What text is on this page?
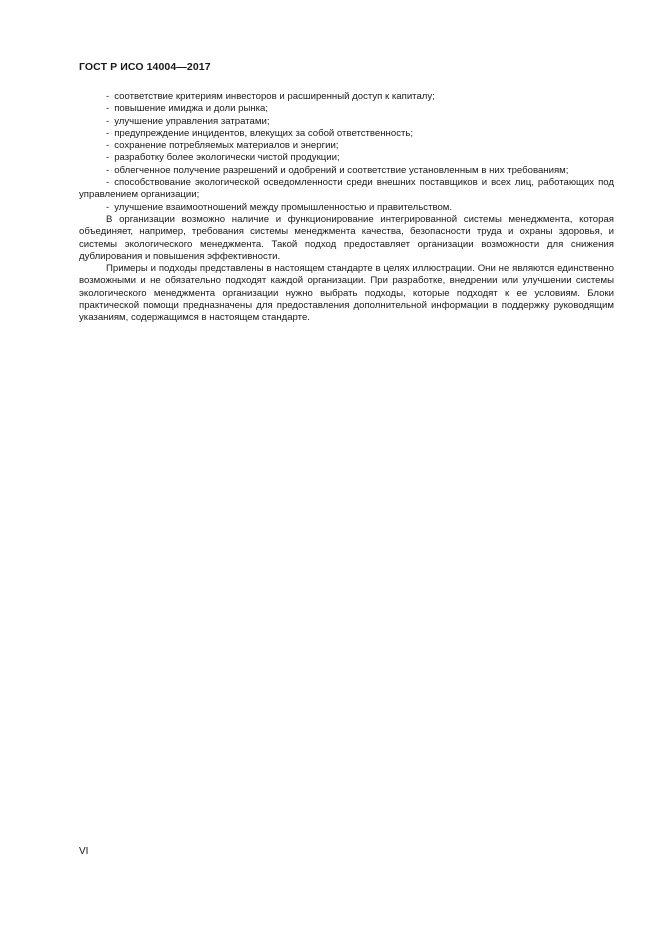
ГОСТ Р ИСО 14004—2017
- соответствие критериям инвесторов и расширенный доступ к капиталу;
- повышение имиджа и доли рынка;
- улучшение управления затратами;
- предупреждение инцидентов, влекущих за собой ответственность;
- сохранение потребляемых материалов и энергии;
- разработку более экологически чистой продукции;
- облегченное получение разрешений и одобрений и соответствие установленным в них требованиям;
- способствование экологической осведомленности среди внешних поставщиков и всех лиц, работающих под управлением организации;
- улучшение взаимоотношений между промышленностью и правительством.

В организации возможно наличие и функционирование интегрированной системы менеджмента, которая объединяет, например, требования системы менеджмента качества, безопасности труда и охраны здоровья, и системы экологического менеджмента. Такой подход предоставляет организации возможности для снижения дублирования и повышения эффективности.

Примеры и подходы представлены в настоящем стандарте в целях иллюстрации. Они не являются единственно возможными и не обязательно подходят каждой организации. При разработке, внедрении или улучшении системы экологического менеджмента организации нужно выбрать подходы, которые подходят к ее условиям. Блоки практической помощи предназначены для предоставления дополнительной информации в поддержку руководящим указаниям, содержащимся в настоящем стандарте.

VI
